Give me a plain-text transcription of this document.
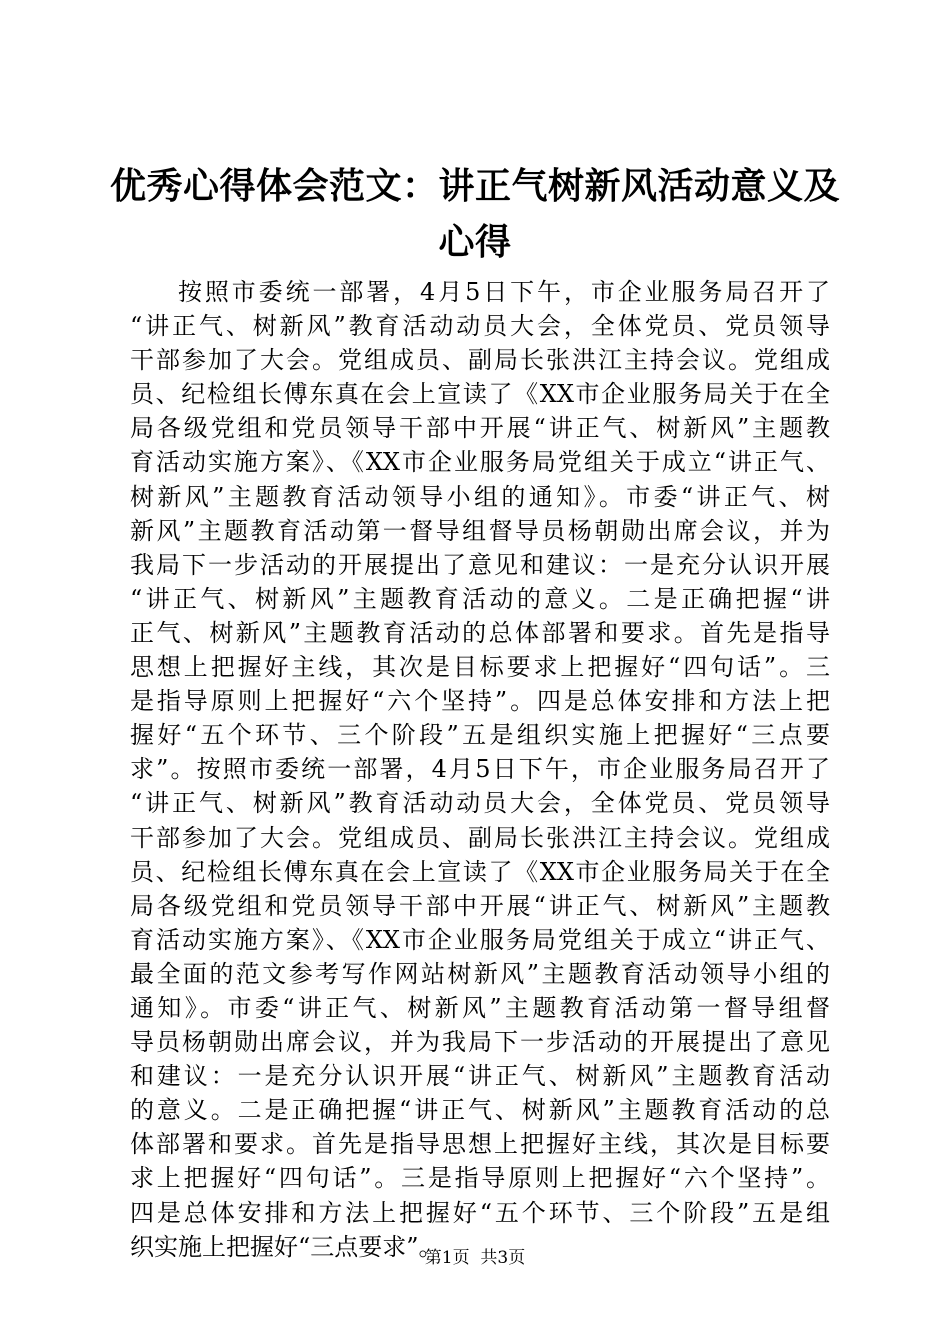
优秀心得体会范文：讲正气树新风活动意义及
心得
按照市委统一部署，4月5日下午，市企业服务局召开了
“讲正气、树新风”教育活动动员大会，全体党员、党员领导
干部参加了大会。党组成员、副局长张洪江主持会议。党组成
员、纪检组长傅东真在会上宣读了《XX市企业服务局关于在全
局各级党组和党员领导干部中开展“讲正气、树新风”主题教
育活动实施方案》、《XX市企业服务局党组关于成立“讲正气、
树新风”主题教育活动领导小组的通知》。市委“讲正气、树
新风”主题教育活动第一督导组督导员杨朝勋出席会议，并为
我局下一步活动的开展提出了意见和建议：一是充分认识开展
“讲正气、树新风”主题教育活动的意义。二是正确把握“讲
正气、树新风”主题教育活动的总体部署和要求。首先是指导
思想上把握好主线，其次是目标要求上把握好“四句话”。三
是指导原则上把握好“六个坚持”。四是总体安排和方法上把
握好“五个环节、三个阶段”五是组织实施上把握好“三点要
求”。按照市委统一部署，4月5日下午，市企业服务局召开了
“讲正气、树新风”教育活动动员大会，全体党员、党员领导
干部参加了大会。党组成员、副局长张洪江主持会议。党组成
员、纪检组长傅东真在会上宣读了《XX市企业服务局关于在全
局各级党组和党员领导干部中开展“讲正气、树新风”主题教
育活动实施方案》、《XX市企业服务局党组关于成立“讲正气、
最全面的范文参考写作网站树新风”主题教育活动领导小组的
通知》。市委“讲正气、树新风”主题教育活动第一督导组督
导员杨朝勋出席会议，并为我局下一步活动的开展提出了意见
和建议：一是充分认识开展“讲正气、树新风”主题教育活动
的意义。二是正确把握“讲正气、树新风”主题教育活动的总
体部署和要求。首先是指导思想上把握好主线，其次是目标要
求上把握好“四句话”。三是指导原则上把握好“六个坚持”。
四是总体安排和方法上把握好“五个环节、三个阶段”五是组
织实施上把握好“三点要求”。
第1页  共3页
